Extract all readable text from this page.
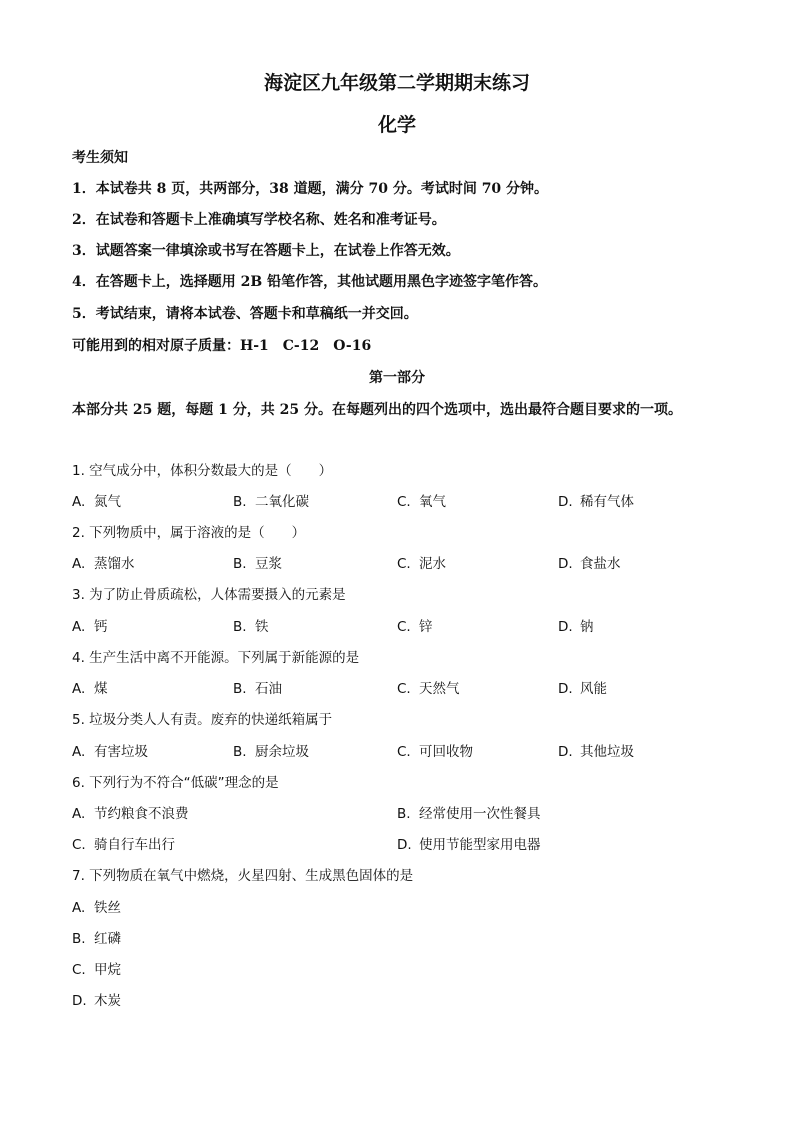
海淀区九年级第二学期期末练习
化学
考生须知
1．本试卷共 8 页，共两部分，38 道题，满分 70 分。考试时间 70 分钟。
2．在试卷和答题卡上准确填写学校名称、姓名和准考证号。
3．试题答案一律填涂或书写在答题卡上，在试卷上作答无效。
4．在答题卡上，选择题用 2B 铅笔作答，其他试题用黑色字迹签字笔作答。
5．考试结束，请将本试卷、答题卡和草稿纸一并交回。
可能用到的相对原子质量：H-1　C-12　O-16
第一部分
本部分共 25 题，每题 1 分，共 25 分。在每题列出的四个选项中，选出最符合题目要求的一项。
1. 空气成分中，体积分数最大的是（　　）
A. 氮气	B. 二氧化碳	C. 氧气	D. 稀有气体
2. 下列物质中，属于溶液的是（　　）
A. 蒸馏水	B. 豆浆	C. 泥水	D. 食盐水
3. 为了防止骨质疏松，人体需要摄入的元素是
A. 钙	B. 铁	C. 锌	D. 钠
4. 生产生活中离不开能源。下列属于新能源的是
A. 煤	B. 石油	C. 天然气	D. 风能
5. 垃圾分类人人有责。废弃的快递纸箱属于
A. 有害垃圾	B. 厨余垃圾	C. 可回收物	D. 其他垃圾
6. 下列行为不符合“低碳”理念的是
A. 节约粮食不浪费	B. 经常使用一次性餐具
C. 骑自行车出行	D. 使用节能型家用电器
7. 下列物质在氧气中燃烧，火星四射、生成黑色固体的是
A. 铁丝
B. 红磷
C. 甲烷
D. 木炭
